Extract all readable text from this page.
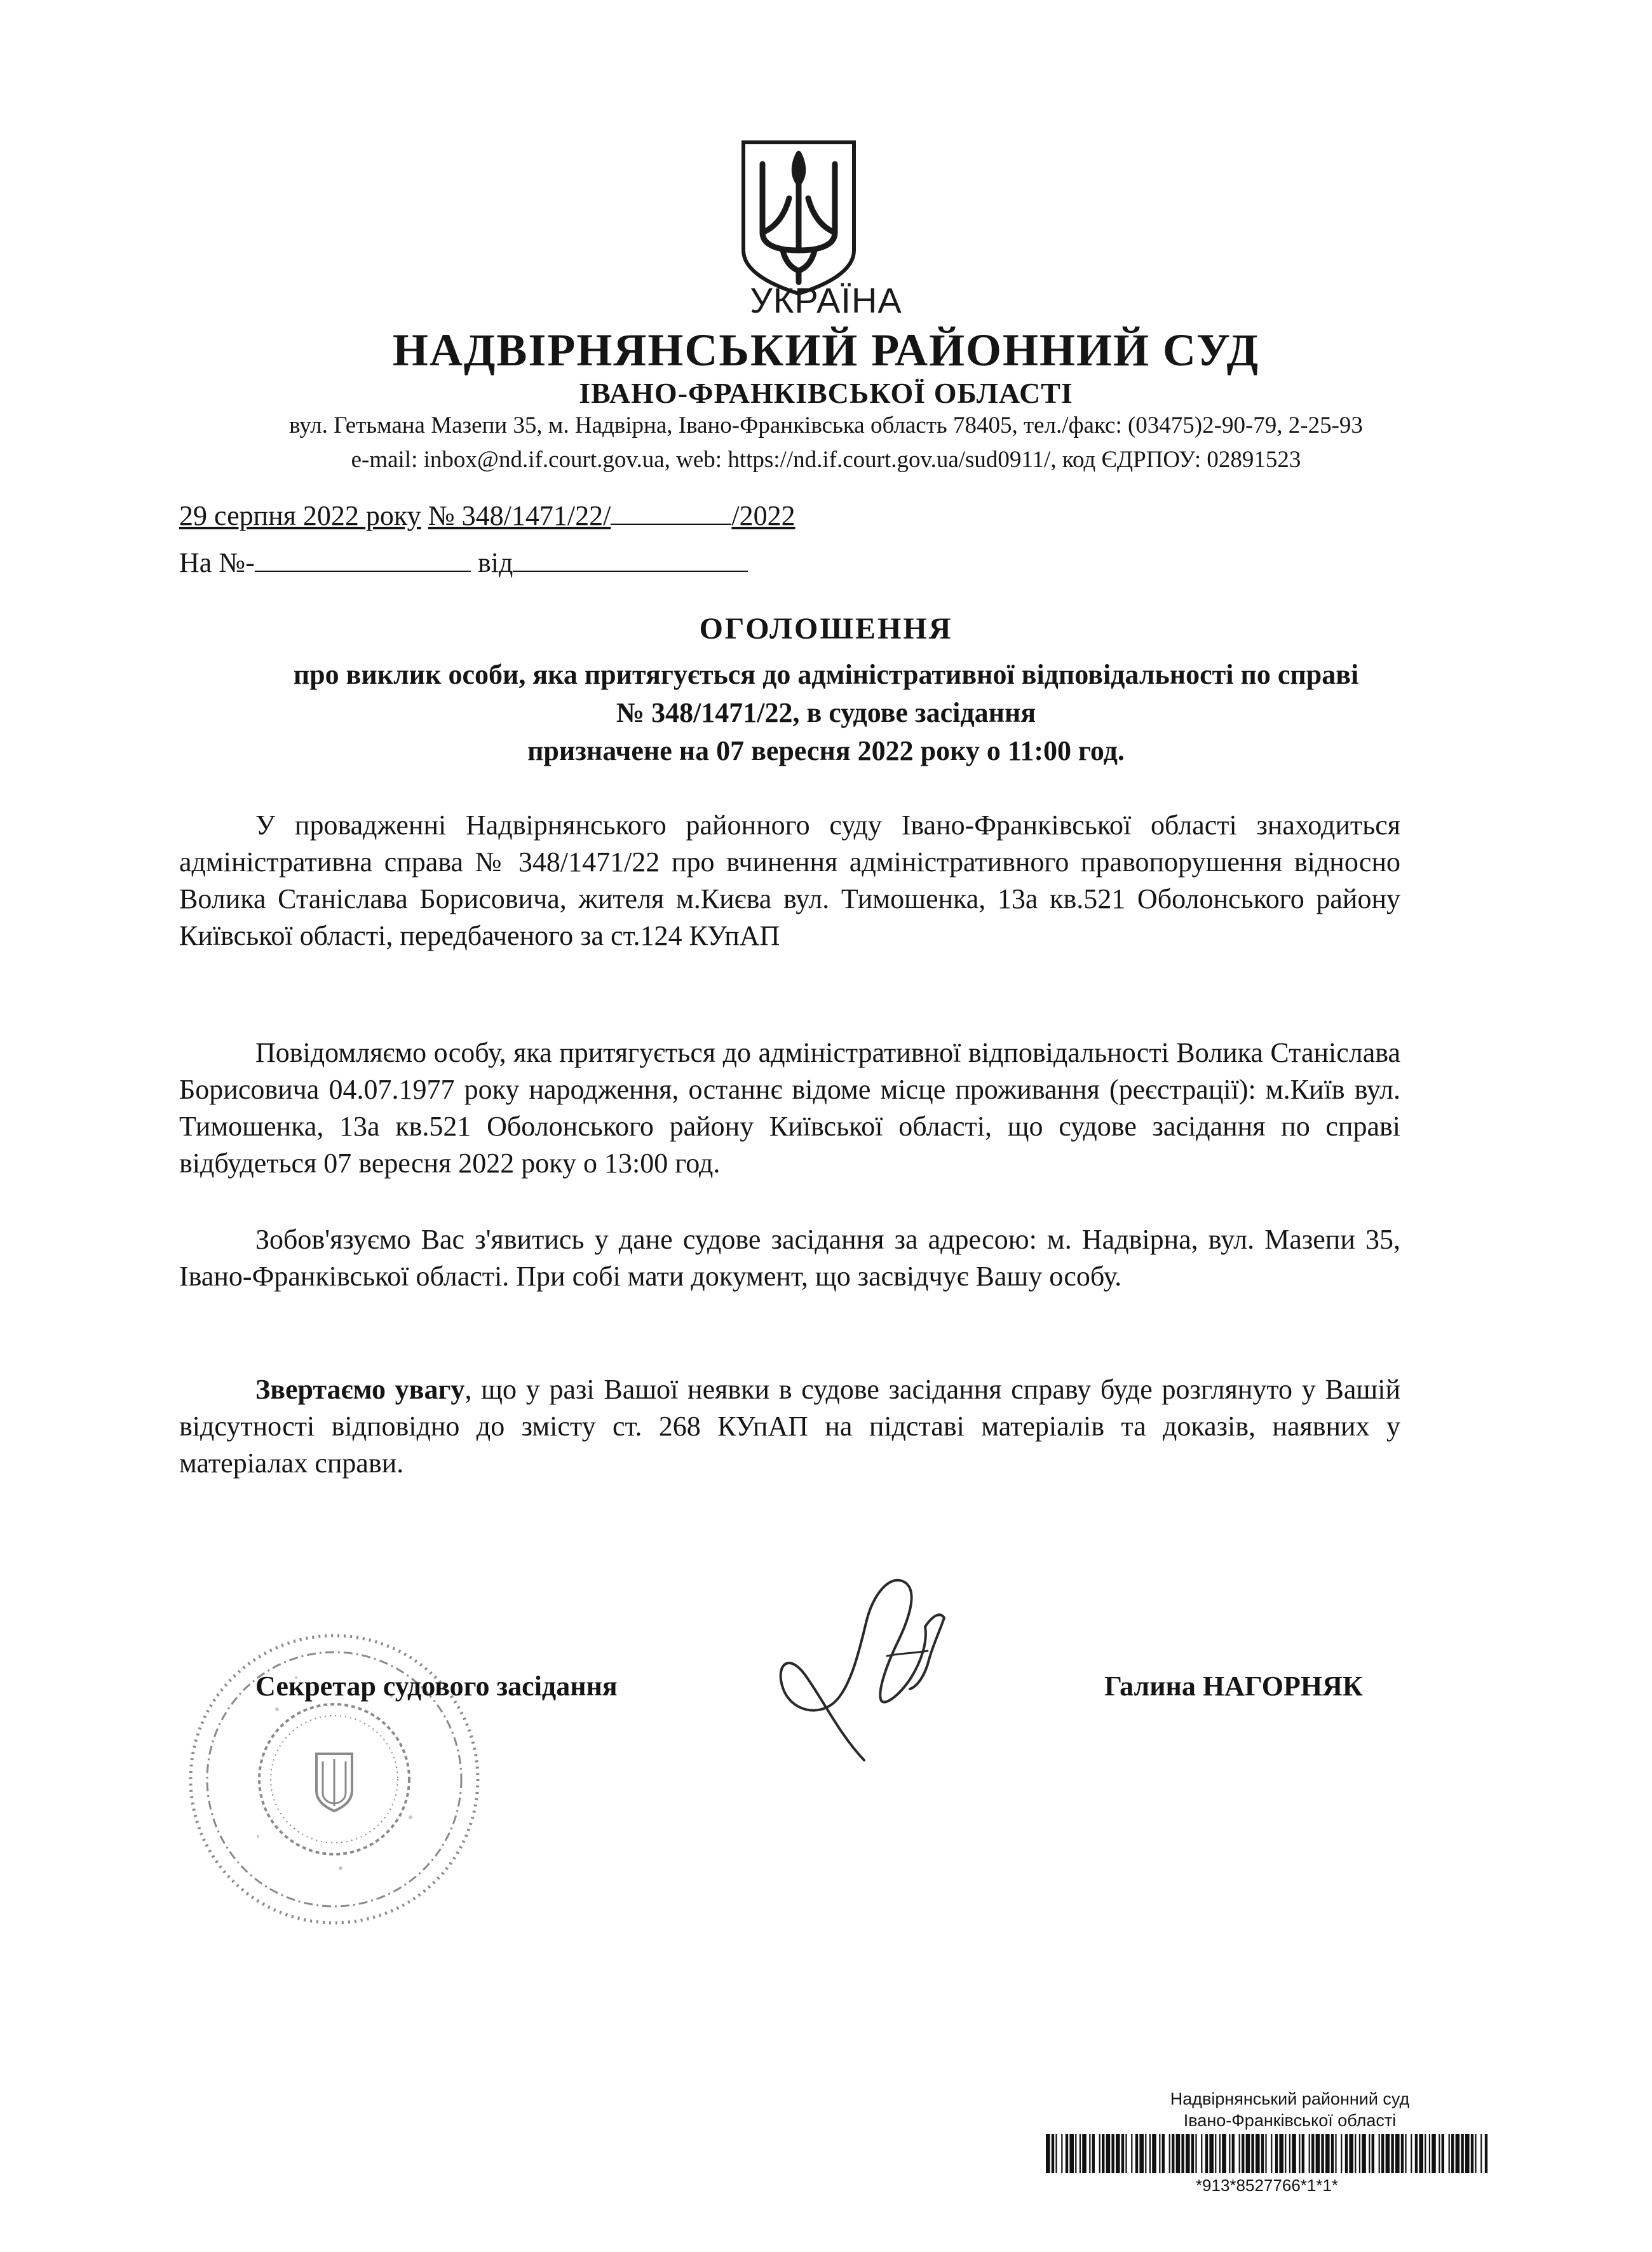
УКРАЇНА
НАДВІРНЯНСЬКИЙ РАЙОННИЙ СУД
ІВАНО-ФРАНКІВСЬКОЇ ОБЛАСТІ
вул. Гетьмана Мазепи 35, м. Надвірна, Івано-Франківська область 78405, тел./факс: (03475)2-90-79, 2-25-93
e-mail: inbox@nd.if.court.gov.ua, web: https://nd.if.court.gov.ua/sud0911/, код ЄДРПОУ: 02891523
29 серпня 2022 року № 348/1471/22/	/2022
На №-	від
ОГОЛОШЕННЯ
про виклик особи, яка притягується до адміністративної відповідальності по справі
№ 348/1471/22, в судове засідання
призначене на 07 вересня 2022 року о 11:00 год.

У провадженні Надвірнянського районного суду Івано-Франківської області знаходиться адміністративна справа № 348/1471/22 про вчинення адміністративного правопорушення відносно Волика Станіслава Борисовича, жителя м.Києва вул. Тимошенка, 13а кв.521 Оболонського району Київської області, передбаченого за ст.124 КУпАП

Повідомляємо особу, яка притягується до адміністративної відповідальності Волика Станіслава Борисовича 04.07.1977 року народження, останнє відоме місце проживання (реєстрації): м.Київ вул. Тимошенка, 13а кв.521 Оболонського району Київської області, що судове засідання по справі відбудеться 07 вересня 2022 року о 13:00 год.

Зобов'язуємо Вас з'явитись у дане судове засідання за адресою: м. Надвірна, вул. Мазепи 35, Івано-Франківської області. При собі мати документ, що засвідчує Вашу особу.

Звертаємо увагу, що у разі Вашої неявки в судове засідання справу буде розглянуто у Вашій відсутності відповідно до змісту ст. 268 КУпАП на підставі матеріалів та доказів, наявних у матеріалах справи.

Секретар судового засідання	Галина НАГОРНЯК
Надвірнянський районний суд
Івано-Франківської області
*913*8527766*1*1*
